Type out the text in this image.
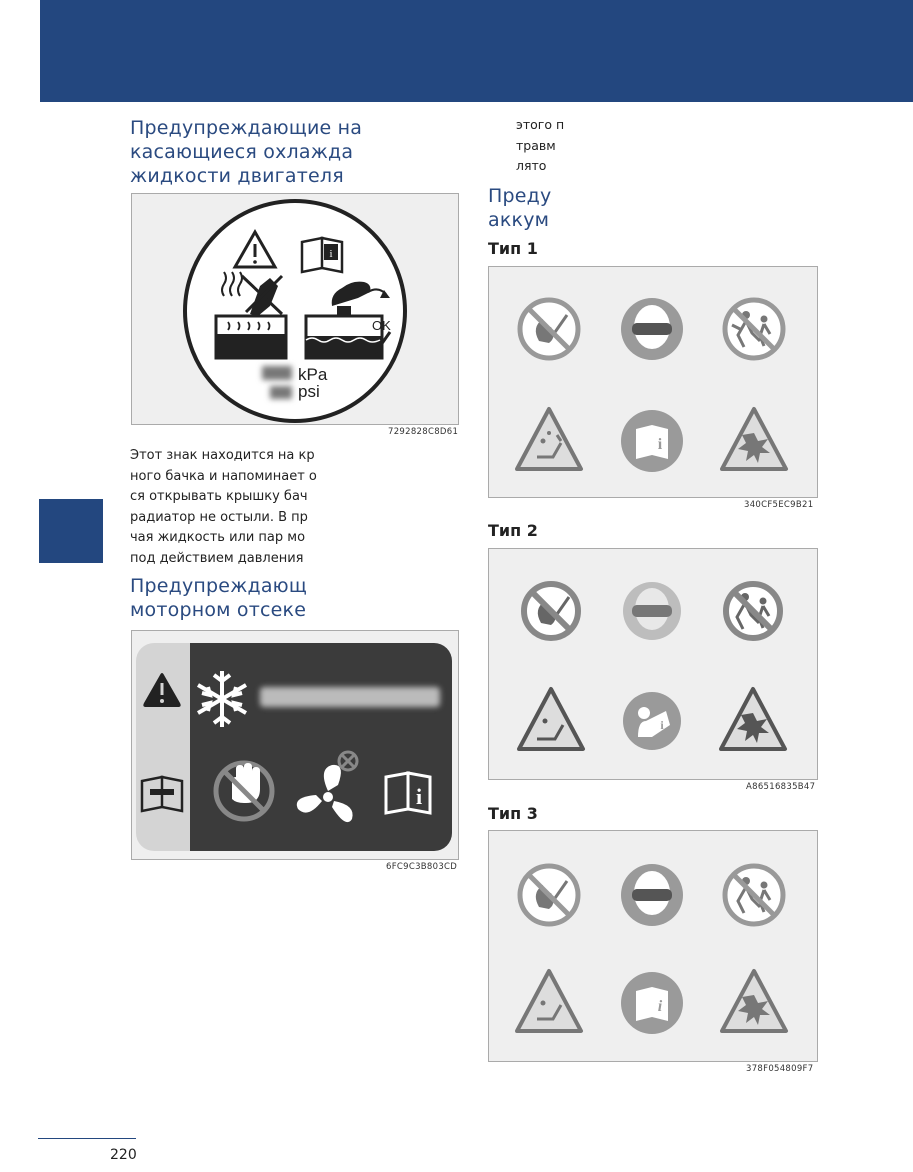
Предупреждающие на
касающиеся охлажда
жидкости двигателя
i
OK
kPa
psi
7292828C8D61
Этот знак находится на кр
ного бачка и напоминает о
ся открывать крышку бач
радиатор не остыли. В пр
чая жидкость или пар мо
под действием давления
Предупреждающ
моторном отсеке
i
6FC9C3B803CD
этого п
травм
лято
Преду
аккум
Тип 1
i
340CF5EC9B21
Тип 2
i
A86516835B47
Тип 3
i
378F054809F7
220
